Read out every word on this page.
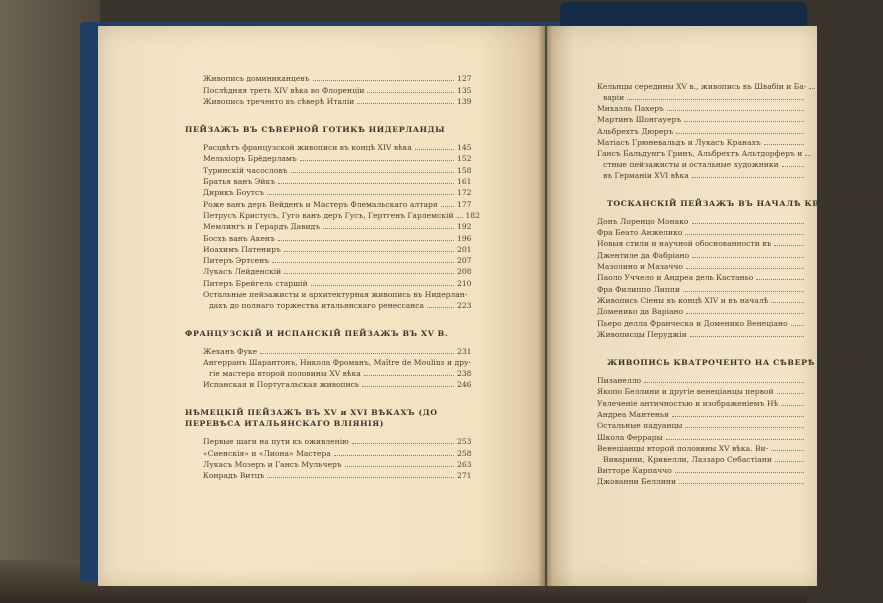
Живопись доминиканцевъ	127
Послѣдняя треть XIV вѣка во Флоренціи	135
Живопись треченто въ сѣверѣ Италіи	139
ПЕЙЗАЖЪ ВЪ СѢВЕРНОЙ ГОТИКѢ НИДЕРЛАНДЫ
Расцвѣтъ французской живописи въ концѣ XIV вѣка	145
Мельхіоръ Брёдерламъ	152
Туринскій часословъ	158
Братья ванъ Эйкъ	161
Дирикъ Боутсъ	172
Роже ванъ деръ Вейденъ и Мастеръ Флемальскаго алтаря	177
Петрусъ Кристусъ, Гуго ванъ деръ Гусъ, Гертгенъ Гарлемскій 182
Мемлингъ и Герардъ Давидъ	192
Босхъ ванъ Акенъ	196
Иоахимъ Патениръ	201
Питеръ Эртсенъ	207
Лукасъ Лейденскій	208
Питеръ Брейгель старшій	210
Остальные пейзажисты и архитектурная живопись въ Нидерлан-
дахъ до полнаго торжества итальянскаго ренессанса	223
ФРАНЦУЗСКІЙ И ИСПАНСКІЙ ПЕЙЗАЖЪ ВЪ XV В.
Жеханъ Фуке	231
Ангерранъ Шарантонъ, Никола Фроманъ, Maître de Moulins и дру-
гіе мастера второй половины XV вѣка	238
Испанская и Португальская живопись	246
НѢМЕЦКІЙ ПЕЙЗАЖЪ ВЪ XV и XVI ВѢКАХЪ (ДО ПЕРЕВѢСА ИТАЛЬЯНСКАГО ВЛІЯНІЯ)
Первые шаги на пути къ оживленію	253
«Сиенскія» и «Лиона» Мастера	258
Лукасъ Мозеръ и Гансъ Мульчеръ	263
Конрадъ Витцъ	271
Кельнцы середины XV в., живопись въ Швабіи и Ба-
варіи
Михаэль Пахеръ
Мартинъ Шонгауеръ
Альбрехтъ Дюреръ
Матіасъ Грюневальдъ и Лукасъ Кранахъ
Гансъ Бальдунгъ Гринъ, Альбрехтъ Альтдорферъ и
стные пейзажисты и остальные художники
въ Германіи XVI вѣка
ТОСКАНСКІЙ ПЕЙЗАЖЪ ВЪ НАЧАЛѢ КВАТРОЧЕНТО
Донъ Лоренцо Монако
Фра Беато Анжелико
Новыя стили и научной обоснованности въ
Джентиле да Фабріано
Мазолино и Мазаччо
Паоло Уччело и Андреа дель Кастаньо
Фра Филиппо Липпи
Живопись Сіены въ концѣ XIV и въ началѣ
Доменико да Варіано
Пьеро делла Франческа и Доменико Венеціано
Живописцы Перуджіи
ЖИВОПИСЬ КВАТРОЧЕНТО НА СѢВЕРѢ ИТАЛІИ
Пизанелло
Якопо Беллини и другіе венеціанцы первой
Увлеченіе античностью и изображеніемъ Нѣ
Андреа Мантенья
Остальные падуанцы
Школа Феррары
Венеціанцы второй половины XV вѣка. Ви-
Виварини, Кривелли, Лаззаро Себастіани
Витторе Карпаччо
Джованни Беллини
